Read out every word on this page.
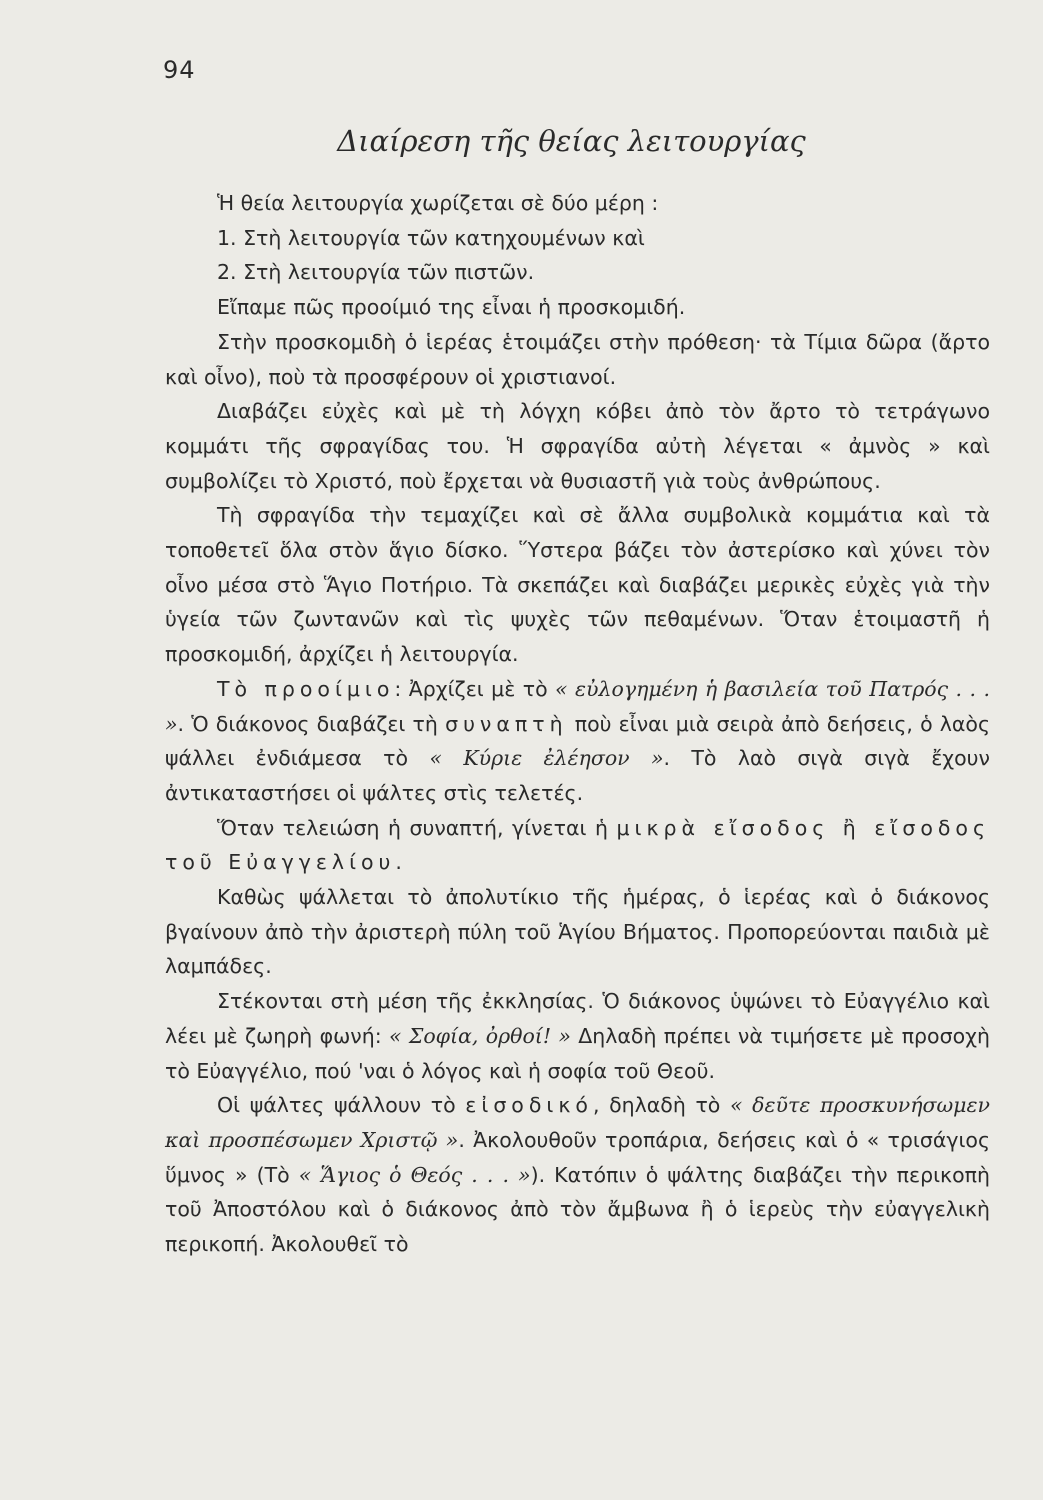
94
Διαίρεση τῆς θείας λειτουργίας

Ἡ θεία λειτουργία χωρίζεται σὲ δύο μέρη :

1. Στὴ λειτουργία τῶν κατηχουμένων καὶ

2. Στὴ λειτουργία τῶν πιστῶν.

Εἴπαμε πῶς προοίμιό της εἶναι ἡ προσκομιδή.

Στὴν προσκομιδὴ ὁ ἱερέας ἑτοιμάζει στὴν πρόθεση· τὰ Τίμια δῶρα (ἄρτο καὶ οἶνο), ποὺ τὰ προσφέρουν οἱ χριστιανοί.

Διαβάζει εὐχὲς καὶ μὲ τὴ λόγχη κόβει ἀπὸ τὸν ἄρτο τὸ τετράγωνο κομμάτι τῆς σφραγίδας του. Ἡ σφραγίδα αὐτὴ λέγεται « ἀμνὸς » καὶ συμβολίζει τὸ Χριστό, ποὺ ἔρχεται νὰ θυσιαστῆ γιὰ τοὺς ἀνθρώπους.

Τὴ σφραγίδα τὴν τεμαχίζει καὶ σὲ ἄλλα συμβολικὰ κομμάτια καὶ τὰ τοποθετεῖ ὅλα στὸν ἅγιο δίσκο. Ὕστερα βάζει τὸν ἀστερίσκο καὶ χύνει τὸν οἶνο μέσα στὸ Ἅγιο Ποτήριο. Τὰ σκεπάζει καὶ διαβάζει μερικὲς εὐχὲς γιὰ τὴν ὑγεία τῶν ζωντανῶν καὶ τὶς ψυχὲς τῶν πεθαμένων. Ὅταν ἑτοιμαστῆ ἡ προσκομιδή, ἀρχίζει ἡ λειτουργία.

Τὸ προοίμιο: Ἀρχίζει μὲ τὸ « εὐλογημένη ἡ βασιλεία τοῦ Πατρός . . . ». Ὁ διάκονος διαβάζει τὴ συναπτὴ ποὺ εἶναι μιὰ σειρὰ ἀπὸ δεήσεις, ὁ λαὸς ψάλλει ἐνδιάμεσα τὸ « Κύριε ἐλέησον ». Τὸ λαὸ σιγὰ σιγὰ ἔχουν ἀντικαταστήσει οἱ ψάλτες στὶς τελετές.

Ὅταν τελειώση ἡ συναπτή, γίνεται ἡ μικρὰ εἴσοδος ἢ εἴσοδος τοῦ Εὐαγγελίου.

Καθὼς ψάλλεται τὸ ἀπολυτίκιο τῆς ἡμέρας, ὁ ἱερέας καὶ ὁ διάκονος βγαίνουν ἀπὸ τὴν ἀριστερὴ πύλη τοῦ Ἁγίου Βήματος. Προπορεύονται παιδιὰ μὲ λαμπάδες.

Στέκονται στὴ μέση τῆς ἐκκλησίας. Ὁ διάκονος ὑψώνει τὸ Εὐαγγέλιο καὶ λέει μὲ ζωηρὴ φωνή: « Σοφία, ὀρθοί! » Δηλαδὴ πρέπει νὰ τιμήσετε μὲ προσοχὴ τὸ Εὐαγγέλιο, πού 'ναι ὁ λόγος καὶ ἡ σοφία τοῦ Θεοῦ.

Οἱ ψάλτες ψάλλουν τὸ εἰσοδικό, δηλαδὴ τὸ « δεῦτε προσκυνήσωμεν καὶ προσπέσωμεν Χριστῷ ». Ἀκολουθοῦν τροπάρια, δεήσεις καὶ ὁ « τρισάγιος ὕμνος » (Τὸ « Ἅγιος ὁ Θεός . . . »). Κατόπιν ὁ ψάλτης διαβάζει τὴν περικοπὴ τοῦ Ἀποστόλου καὶ ὁ διάκονος ἀπὸ τὸν ἄμβωνα ἢ ὁ ἱερεὺς τὴν εὐαγγελικὴ περικοπή. Ἀκολουθεῖ τὸ
